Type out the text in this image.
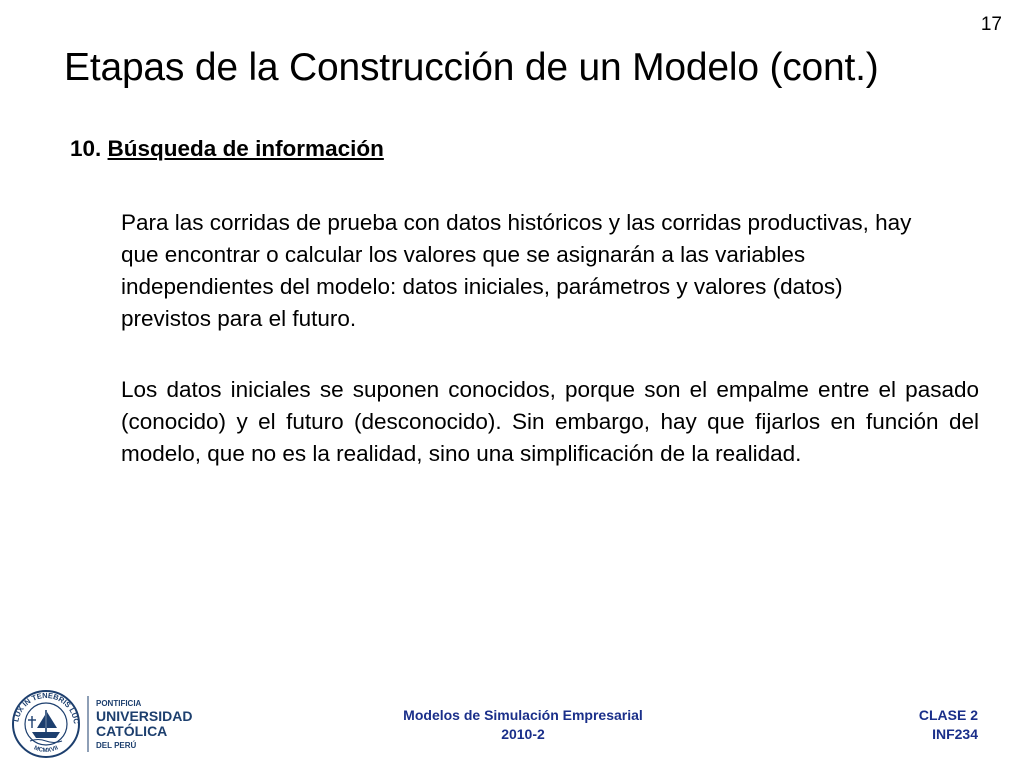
17
Etapas de la Construcción de un Modelo (cont.)
10. Búsqueda de información

Para las corridas de prueba con datos históricos y las corridas productivas, hay que encontrar o calcular los valores que se asignarán a las variables independientes del modelo: datos iniciales, parámetros y valores (datos) previstos para el futuro.

Los datos iniciales se suponen conocidos, porque son el empalme entre el pasado (conocido) y el futuro (desconocido). Sin embargo, hay que fijarlos en función del modelo, que no es la realidad, sino una simplificación de la realidad.

LUX IN TENEBRIS LUC
MCMXVII
PONTIFICIA
UNIVERSIDAD
CATÓLICA
DEL PERÚ
Modelos de Simulación Empresarial
2010-2
CLASE 2
INF234
